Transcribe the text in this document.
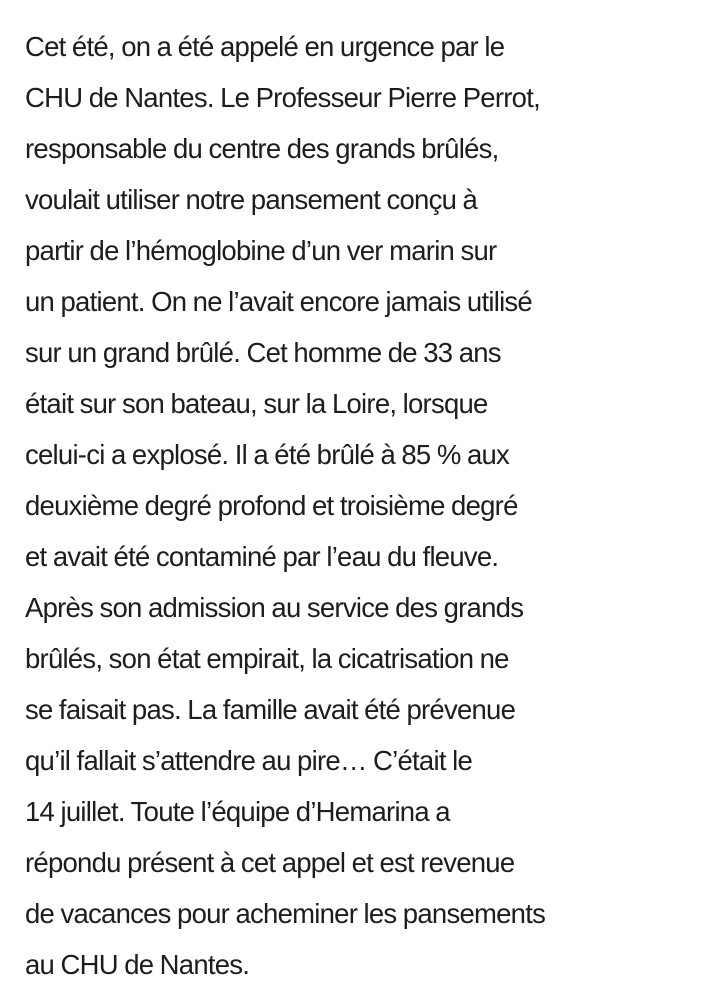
Cet été, on a été appelé en urgence par le
CHU de Nantes. Le Professeur Pierre Perrot,
responsable du centre des grands brûlés,
voulait utiliser notre pansement conçu à
partir de l’hémoglobine d’un ver marin sur
un patient. On ne l’avait encore jamais utilisé
sur un grand brûlé. Cet homme de 33 ans
était sur son bateau, sur la Loire, lorsque
celui-ci a explosé. Il a été brûlé à 85 % aux
deuxième degré profond et troisième degré
et avait été contaminé par l’eau du fleuve.
Après son admission au service des grands
brûlés, son état empirait, la cicatrisation ne
se faisait pas. La famille avait été prévenue
qu’il fallait s’attendre au pire… C’était le
14 juillet. Toute l’équipe d’Hemarina a
répondu présent à cet appel et est revenue
de vacances pour acheminer les pansements
au CHU de Nantes.
